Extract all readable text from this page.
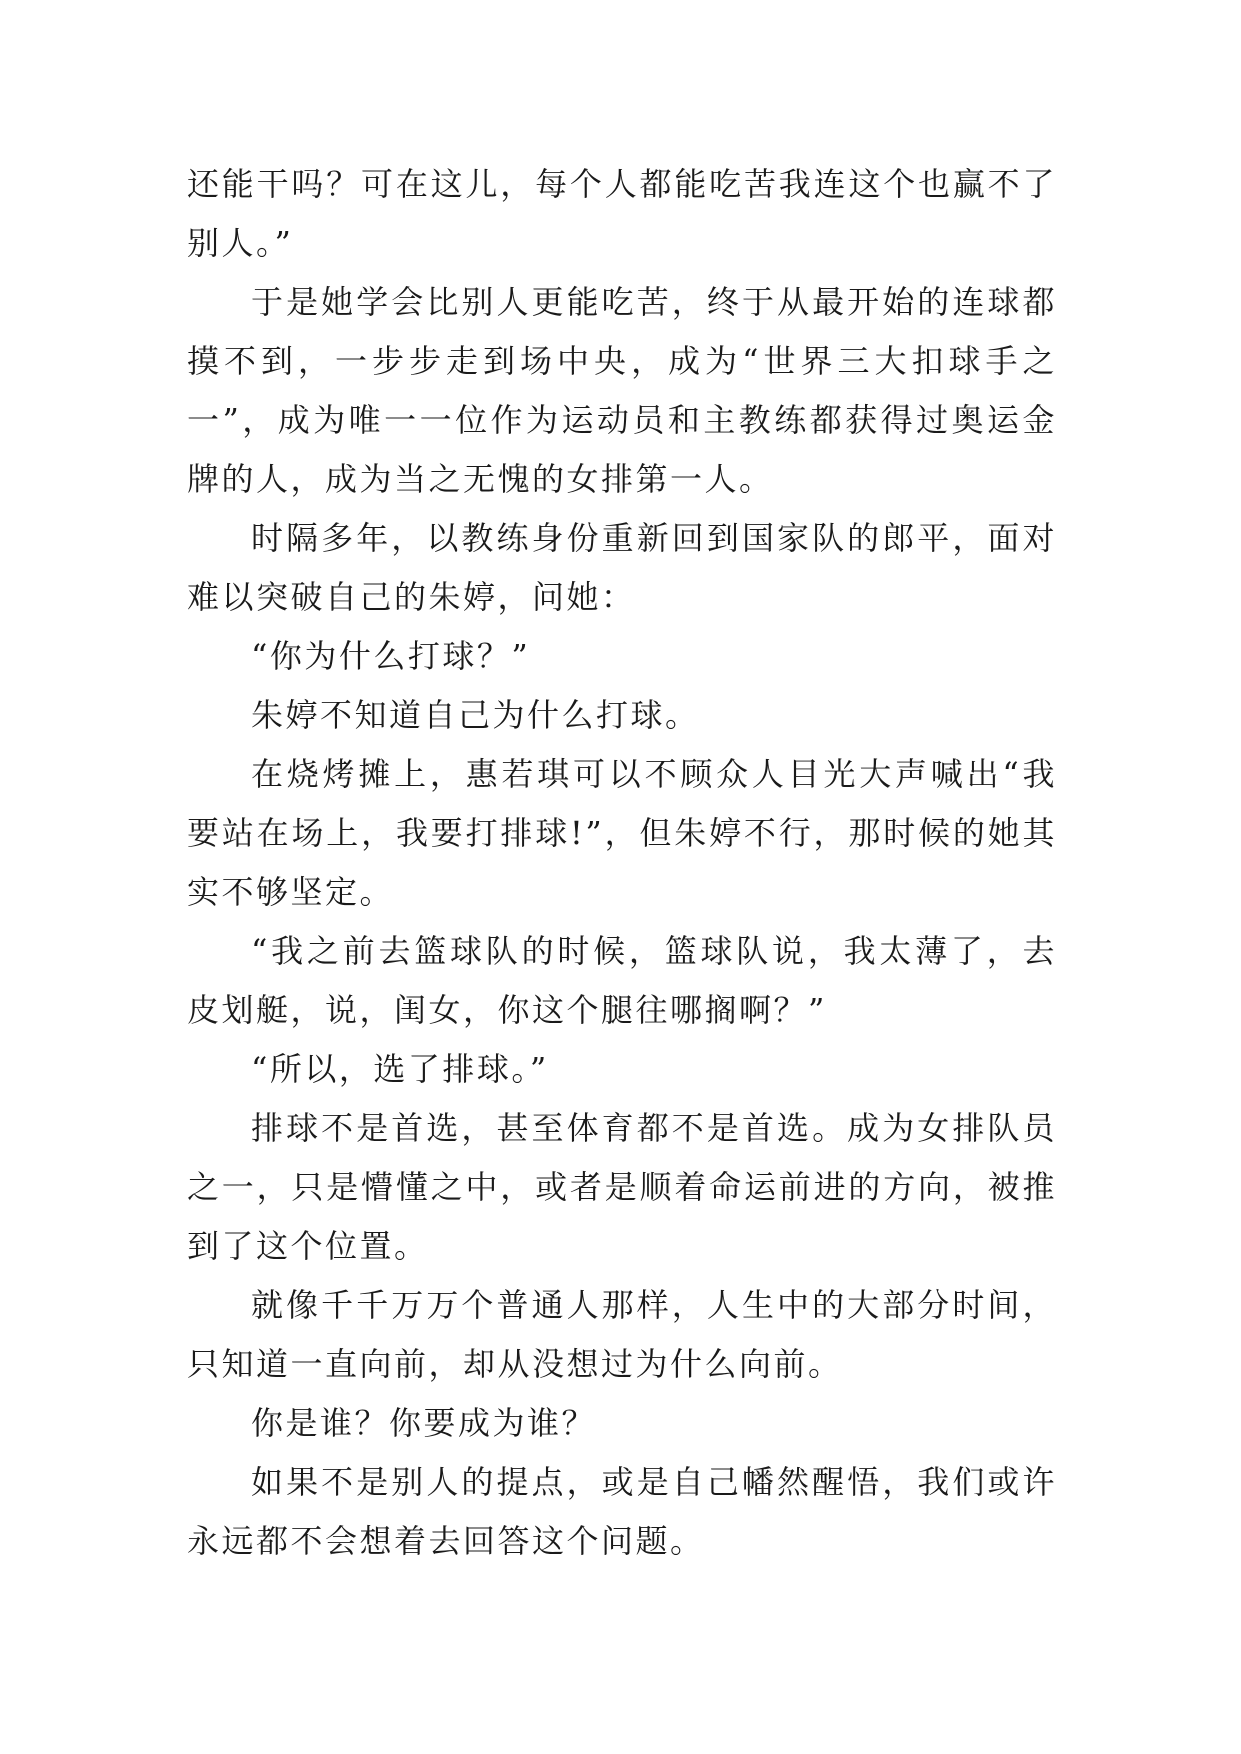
还能干吗？可在这儿，每个人都能吃苦我连这个也赢不了别人。”

于是她学会比别人更能吃苦，终于从最开始的连球都摸不到，一步步走到场中央，成为“世界三大扣球手之一”，成为唯一一位作为运动员和主教练都获得过奥运金牌的人，成为当之无愧的女排第一人。

时隔多年，以教练身份重新回到国家队的郎平，面对难以突破自己的朱婷，问她：

“你为什么打球？”

朱婷不知道自己为什么打球。

在烧烤摊上，惠若琪可以不顾众人目光大声喊出“我要站在场上，我要打排球!”，但朱婷不行，那时候的她其实不够坚定。

“我之前去篮球队的时候，篮球队说，我太薄了，去皮划艇，说，闺女，你这个腿往哪搁啊？”

“所以，选了排球。”

排球不是首选，甚至体育都不是首选。成为女排队员之一，只是懵懂之中，或者是顺着命运前进的方向，被推到了这个位置。

就像千千万万个普通人那样，人生中的大部分时间，只知道一直向前，却从没想过为什么向前。

你是谁？你要成为谁？

如果不是别人的提点，或是自己幡然醒悟，我们或许永远都不会想着去回答这个问题。
